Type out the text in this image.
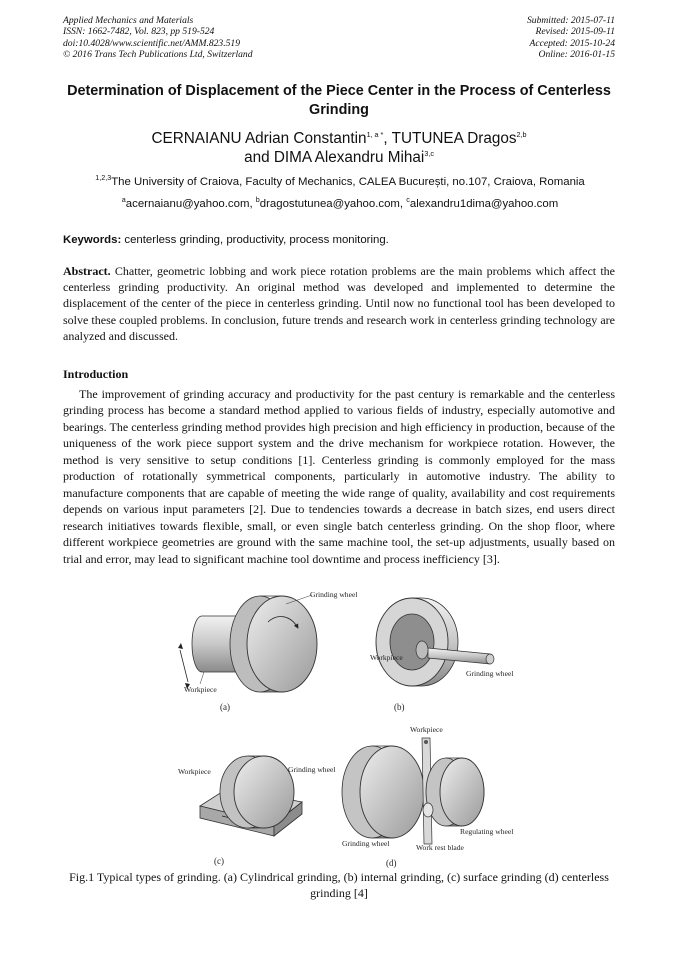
Applied Mechanics and Materials
ISSN: 1662-7482, Vol. 823, pp 519-524
doi:10.4028/www.scientific.net/AMM.823.519
© 2016 Trans Tech Publications Ltd, Switzerland
Submitted: 2015-07-11
Revised: 2015-09-11
Accepted: 2015-10-24
Online: 2016-01-15
Determination of Displacement of the Piece Center in the Process of Centerless Grinding
CERNAIANU Adrian Constantin$^{1, a *}$, TUTUNEA Dragos$^{2,b}$
and DIMA Alexandru Mihai$^{3,c}$
$^{1,2,3}$The University of Craiova, Faculty of Mechanics, CALEA București, no.107, Craiova, Romania
$^a$acernaianu@yahoo.com, $^b$dragostutunea@yahoo.com, $^c$alexandru1dima@yahoo.com
Keywords: centerless grinding, productivity, process monitoring.
Abstract. Chatter, geometric lobbing and work piece rotation problems are the main problems which affect the centerless grinding productivity. An original method was developed and implemented to determine the displacement of the center of the piece in centerless grinding. Until now no functional tool has been developed to solve these coupled problems. In conclusion, future trends and research work in centerless grinding technology are analyzed and discussed.
Introduction

The improvement of grinding accuracy and productivity for the past century is remarkable and the centerless grinding process has become a standard method applied to various fields of industry, especially automotive and bearings. The centerless grinding method provides high precision and high efficiency in production, because of the uniqueness of the work piece support system and the drive mechanism for workpiece rotation. However, the method is very sensitive to setup conditions [1]. Centerless grinding is commonly employed for the mass production of rotationally symmetrical components, particularly in automotive industry. The ability to manufacture components that are capable of meeting the wide range of quality, availability and cost requirements depends on various input parameters [2]. Due to tendencies towards a decrease in batch sizes, end users direct research initiatives towards flexible, small, or even single batch centerless grinding. On the shop floor, where different workpiece geometries are ground with the same machine tool, the set-up adjustments, usually based on trial and error, may lead to significant machine tool downtime and process inefficiency [3].

Grinding wheel
Workpiece
(a)
Workpiece
Grinding wheel
(b)
Workpiece	Grinding wheel
(c)
Workpiece
Grinding wheel
Regulating wheel
Work rest blade
(d)
Fig.1 Typical types of grinding. (a) Cylindrical grinding, (b) internal grinding, (c) surface grinding (d) centerless grinding [4]
